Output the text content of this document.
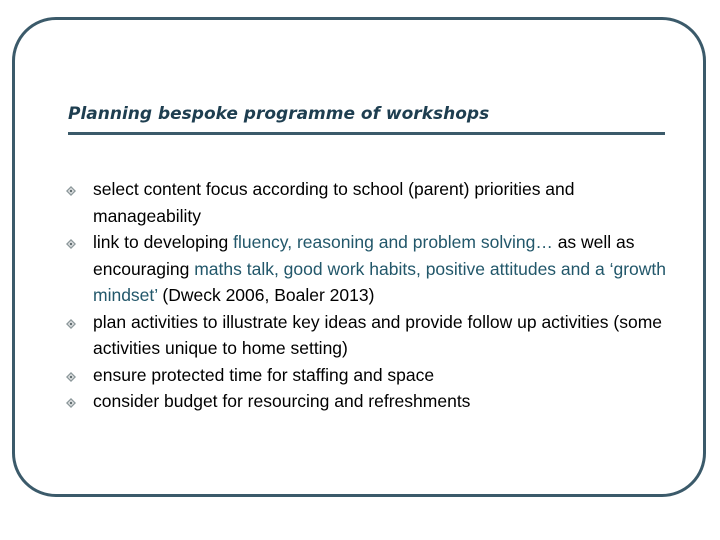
Planning bespoke programme of workshops
select content focus according to school (parent) priorities and manageability
link to developing fluency, reasoning and problem solving… as well as encouraging maths talk, good work habits, positive attitudes and a ‘growth mindset’ (Dweck 2006, Boaler 2013)
plan activities to illustrate key ideas and provide follow up activities (some activities unique to home setting)
ensure protected time for staffing and space
consider budget for resourcing and refreshments
